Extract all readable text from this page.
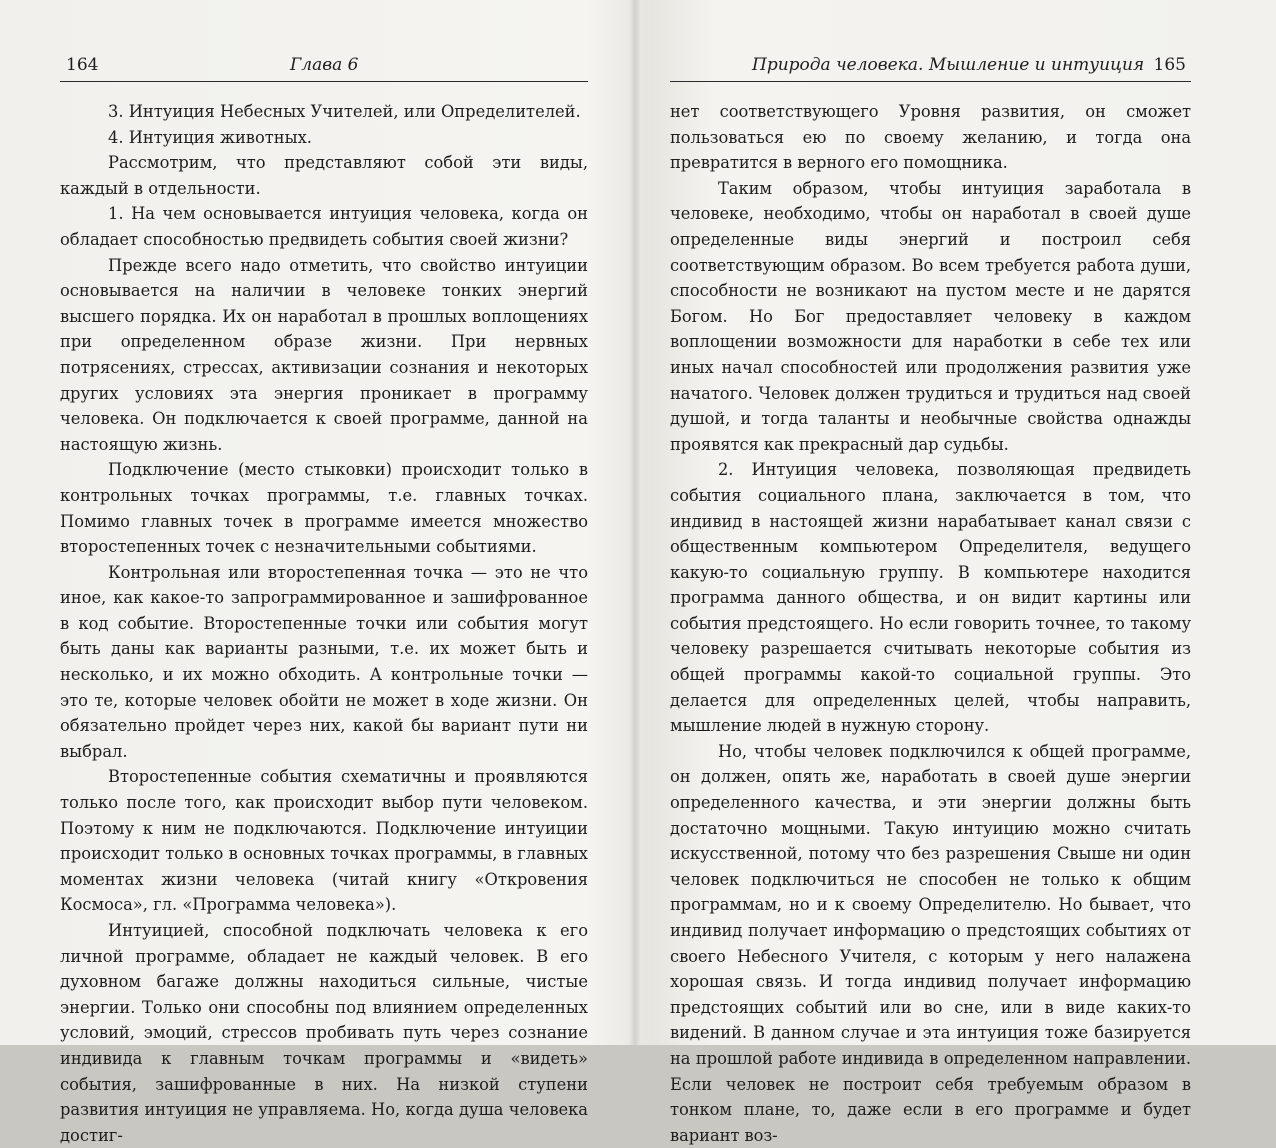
164	Глава 6

3. Интуиция Небесных Учителей, или Определителей.

4. Интуиция животных.

Рассмотрим, что представляют собой эти виды, каждый в отдельности.

1. На чем основывается интуиция человека, когда он обладает способностью предвидеть события своей жизни?

Прежде всего надо отметить, что свойство интуиции основывается на наличии в человеке тонких энергий высшего порядка. Их он наработал в прошлых воплощениях при определенном образе жизни. При нервных потрясениях, стрессах, активизации сознания и некоторых других условиях эта энергия проникает в программу человека. Он подключается к своей программе, данной на настоящую жизнь.

Подключение (место стыковки) происходит только в контрольных точках программы, т.е. главных точках. Помимо главных точек в программе имеется множество второстепенных точек с незначительными событиями.

Контрольная или второстепенная точка — это не что иное, как какое-то запрограммированное и зашифрованное в код событие. Второстепенные точки или события могут быть даны как варианты разными, т.е. их может быть и несколько, и их можно обходить. А контрольные точки — это те, которые человек обойти не может в ходе жизни. Он обязательно пройдет через них, какой бы вариант пути ни выбрал.

Второстепенные события схематичны и проявляются только после того, как происходит выбор пути человеком. Поэтому к ним не подключаются. Подключение интуиции происходит только в основных точках программы, в главных моментах жизни человека (читай книгу «Откровения Космоса», гл. «Программа человека»).

Интуицией, способной подключать человека к его личной программе, обладает не каждый человек. В его духовном багаже должны находиться сильные, чистые энергии. Только они способны под влиянием определенных условий, эмоций, стрессов пробивать путь через сознание индивида к главным точкам программы и «видеть» события, зашифрованные в них. На низкой ступени развития интуиция не управляема. Но, когда душа человека достиг-

Природа человека. Мышление и интуиция 165

нет соответствующего Уровня развития, он сможет пользоваться ею по своему желанию, и тогда она превратится в верного его помощника.

Таким образом, чтобы интуиция заработала в человеке, необходимо, чтобы он наработал в своей душе определенные виды энергий и построил себя соответствующим образом. Во всем требуется работа души, способности не возникают на пустом месте и не дарятся Богом. Но Бог предоставляет человеку в каждом воплощении возможности для наработки в себе тех или иных начал способностей или продолжения развития уже начатого. Человек должен трудиться и трудиться над своей душой, и тогда таланты и необычные свойства однажды проявятся как прекрасный дар судьбы.

2. Интуиция человека, позволяющая предвидеть события социального плана, заключается в том, что индивид в настоящей жизни нарабатывает канал связи с общественным компьютером Определителя, ведущего какую-то социальную группу. В компьютере находится программа данного общества, и он видит картины или события предстоящего. Но если говорить точнее, то такому человеку разрешается считывать некоторые события из общей программы какой-то социальной группы. Это делается для определенных целей, чтобы направить, мышление людей в нужную сторону.

Но, чтобы человек подключился к общей программе, он должен, опять же, наработать в своей душе энергии определенного качества, и эти энергии должны быть достаточно мощными. Такую интуицию можно считать искусственной, потому что без разрешения Свыше ни один человек подключиться не способен не только к общим программам, но и к своему Определителю. Но бывает, что индивид получает информацию о предстоящих событиях от своего Небесного Учителя, с которым у него налажена хорошая связь. И тогда индивид получает информацию предстоящих событий или во сне, или в виде каких-то видений. В данном случае и эта интуиция тоже базируется на прошлой работе индивида в определенном направлении. Если человек не построит себя требуемым образом в тонком плане, то, даже если в его программе и будет вариант воз-
